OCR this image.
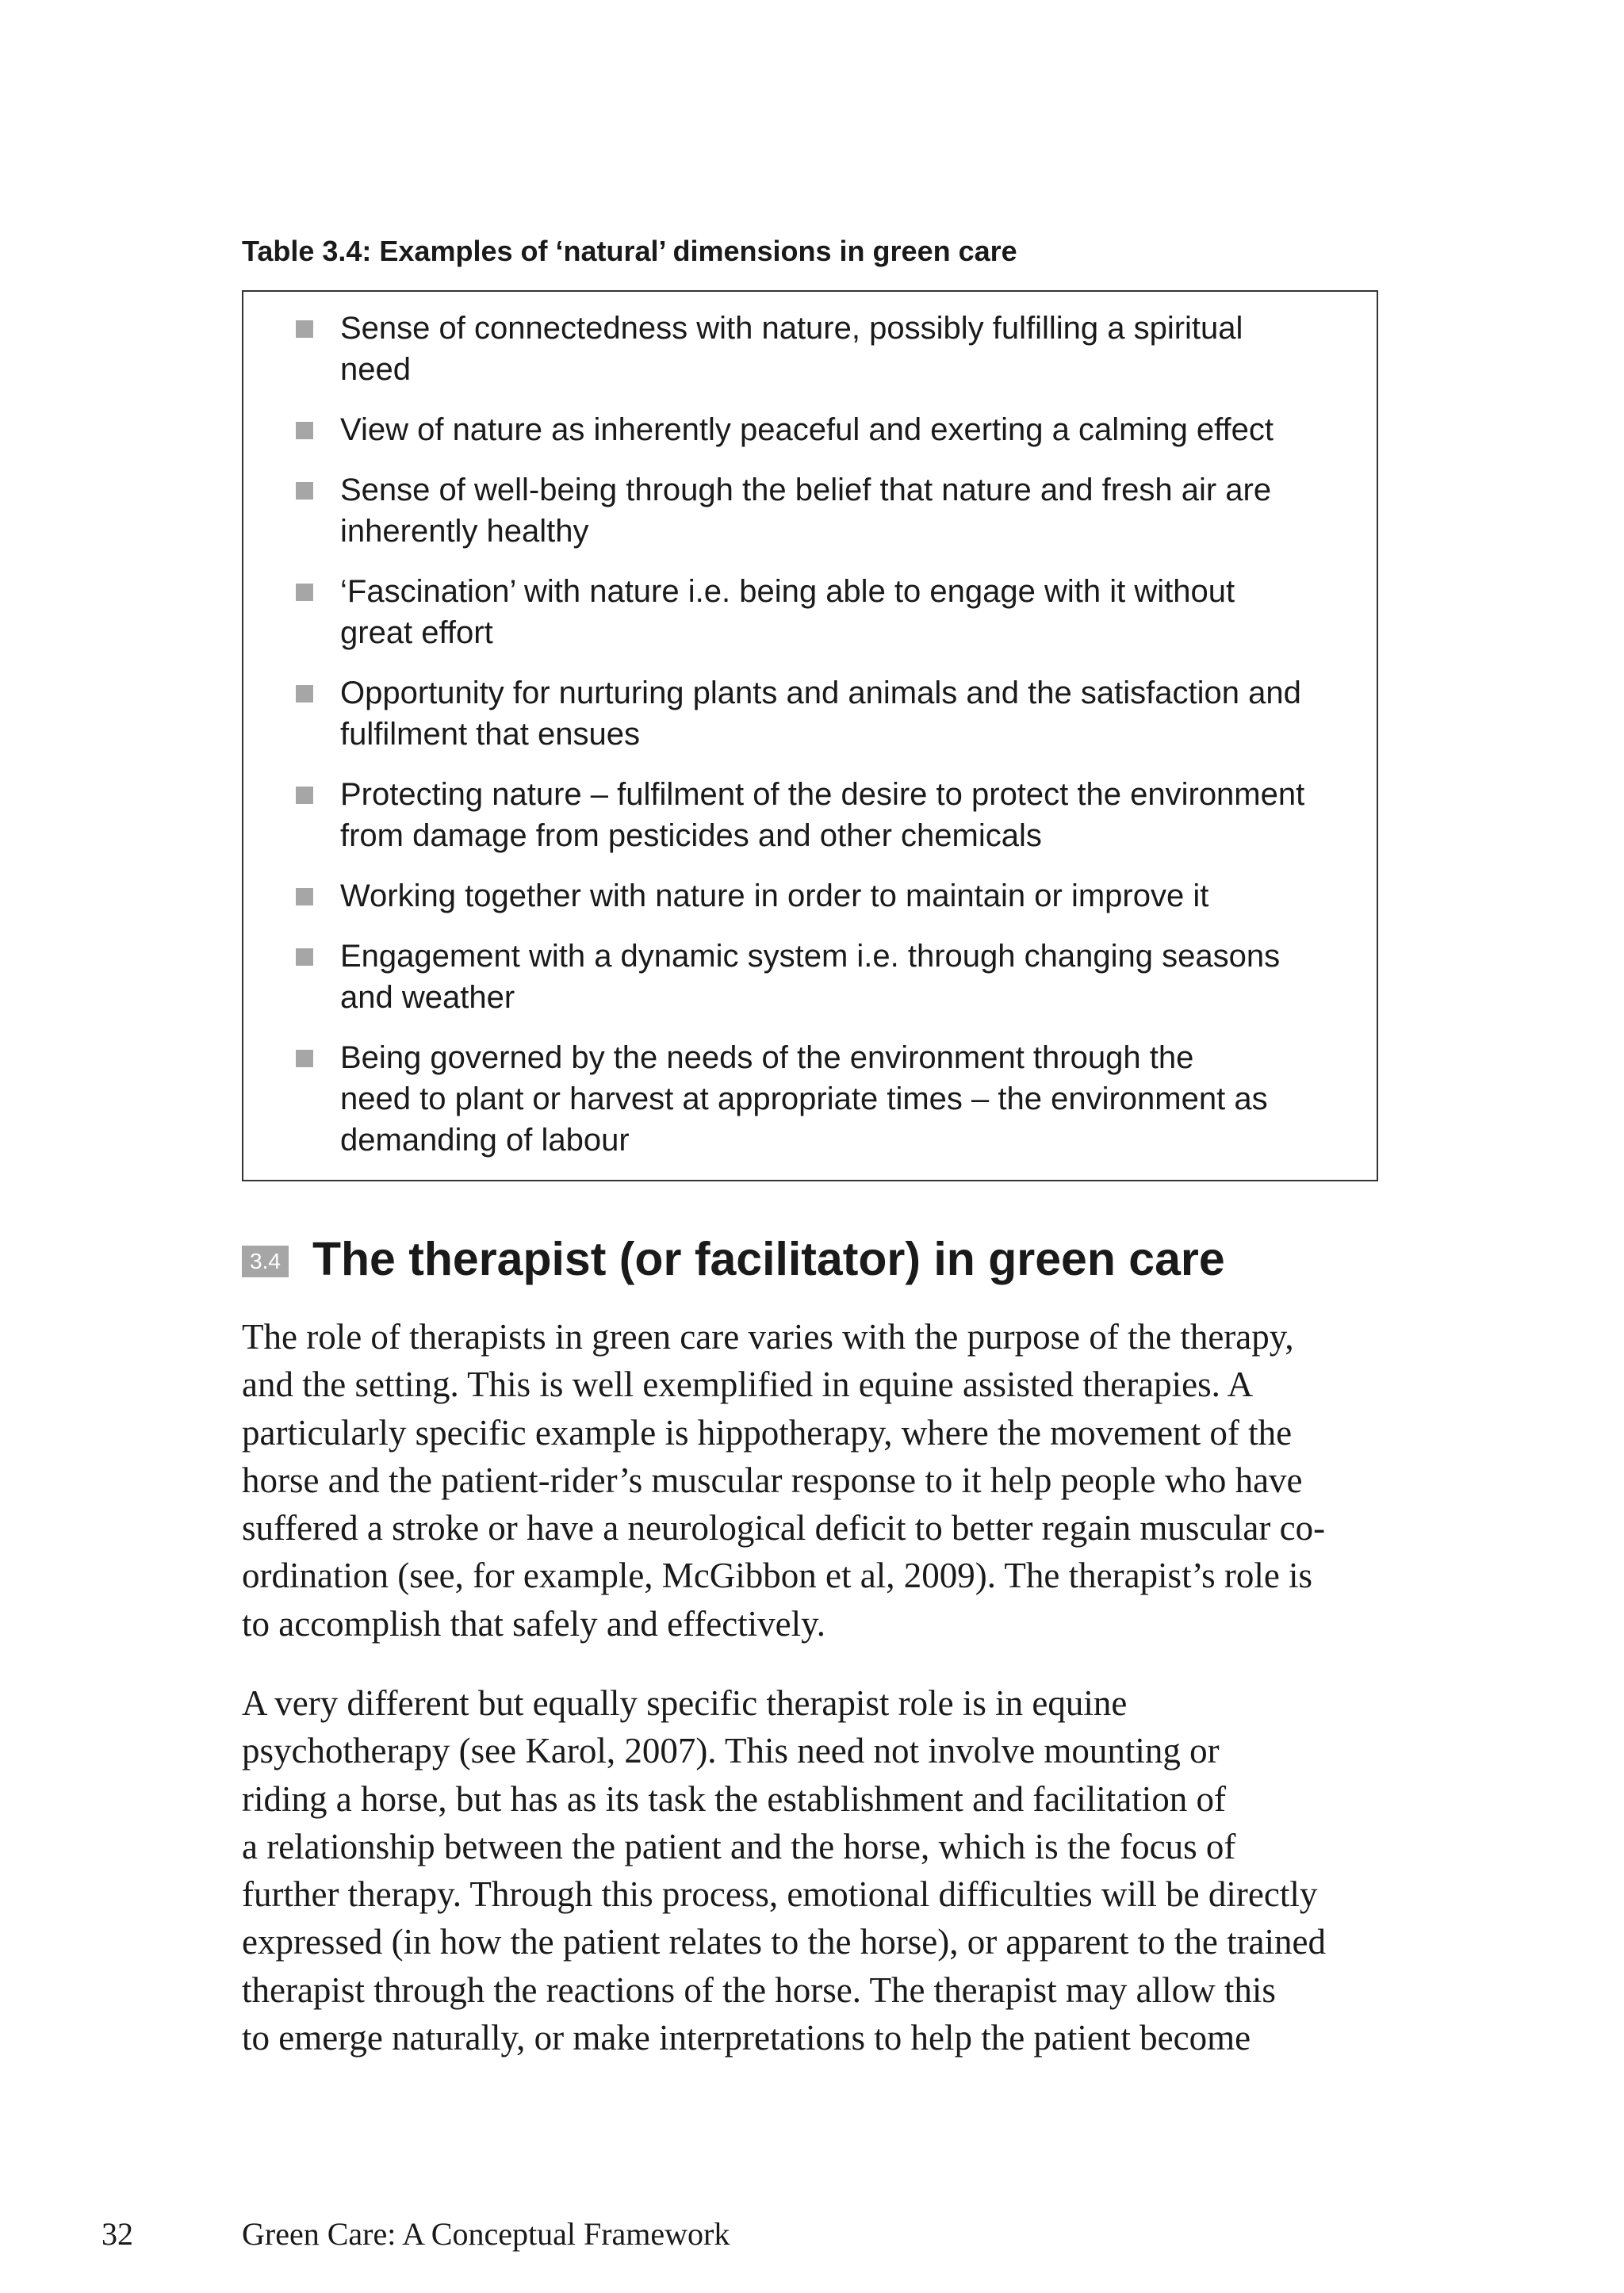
Table 3.4: Examples of ‘natural’ dimensions in green care
Sense of connectedness with nature, possibly fulfilling a spiritual
need
View of nature as inherently peaceful and exerting a calming effect
Sense of well-being through the belief that nature and fresh air are
inherently healthy
‘Fascination’ with nature i.e. being able to engage with it without
great effort
Opportunity for nurturing plants and animals and the satisfaction and
fulfilment that ensues
Protecting nature – fulfilment of the desire to protect the environment
from damage from pesticides and other chemicals
Working together with nature in order to maintain or improve it
Engagement with a dynamic system i.e. through changing seasons
and weather
Being governed by the needs of the environment through the
need to plant or harvest at appropriate times – the environment as
demanding of labour
3.4 The therapist (or facilitator) in green care
The role of therapists in green care varies with the purpose of the therapy,
and the setting. This is well exemplified in equine assisted therapies. A
particularly specific example is hippotherapy, where the movement of the
horse and the patient-rider’s muscular response to it help people who have
suffered a stroke or have a neurological deficit to better regain muscular co-
ordination (see, for example, McGibbon et al, 2009). The therapist’s role is
to accomplish that safely and effectively.
A very different but equally specific therapist role is in equine
psychotherapy (see Karol, 2007). This need not involve mounting or
riding a horse, but has as its task the establishment and facilitation of
a relationship between the patient and the horse, which is the focus of
further therapy. Through this process, emotional difficulties will be directly
expressed (in how the patient relates to the horse), or apparent to the trained
therapist through the reactions of the horse. The therapist may allow this
to emerge naturally, or make interpretations to help the patient become
32	Green Care: A Conceptual Framework
